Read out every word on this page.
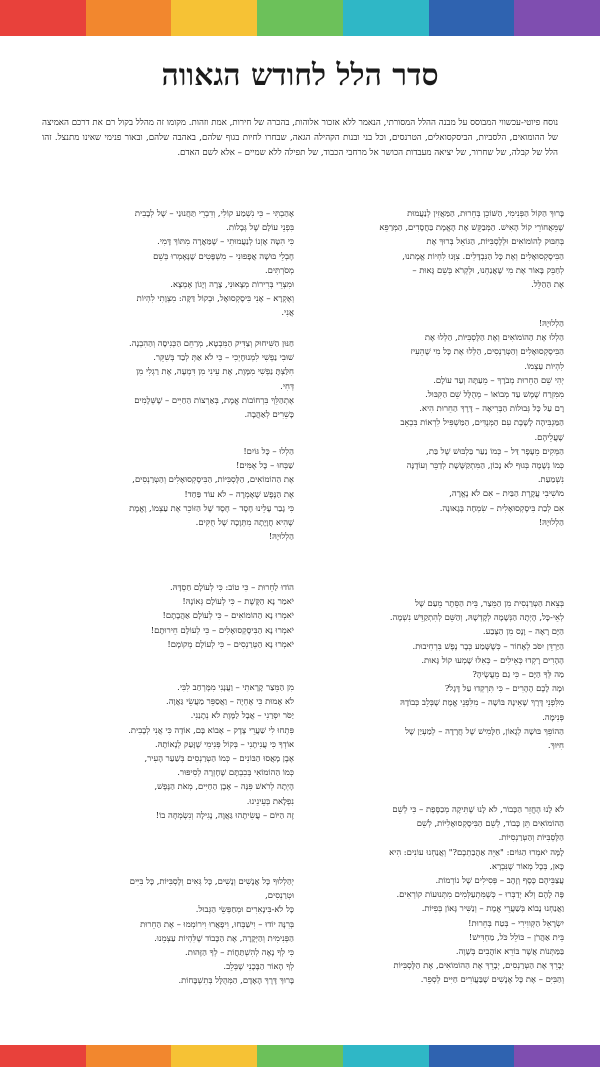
סדר הלל לחודש הגאווה

נוסח פיוטי-עכשווי המבוסס על מבנה ההלל המסורתי, הנאמר ללא אזכור אלוהות, בהכרה של חירות, אמת וזהות. מקומו זה מהלל בקול רם את דרכם האמיצה של ההומואים, הלסביות, הביסקסואלים, הטרנסים, וכל בני ובנות הקהילה הגאה, שבחרו לחיות בגוף שלהם, באהבה שלהם, ובאור פנימי שאינו מתנצל. זהו הלל של קבלה, של שחרור, של יציאה מעבדות הכושר אל מרחבי הכבוד, של תפילה ללא שמיים – אלא לשם האדם.

בָּרוּךְ הַקּוֹל הַפְּנִימִי, הַשּׁוֹכֵן בְּחֵרוּת, הַמַּאֲזִין לְנַעֲמוּת
שֶׁמֵּאֲחוֹרֵי קוֹל הָאִישׁ. הַמְּבַקֵּשׁ אֶת הָאֱמֶת בַּחֲסָדִים, הַמְּרַפֵּא
בְּחִבּוּק לְהוֹמוֹאִים וּלְלֶסְבִּיּוֹת, הַגּוֹאֵל בְּרוּךְ אֶת
הַבִּיסֶקְסוּאָלִים וְאֶת כָּל הַנִּבְדָּלִים. צִוָּנוּ לִחְיוֹת אֱמֶתנוּ,
לְחַבֵּק בָּאוֹר אֶת מִי שֶׁאֲנַחְנוּ, וּלְקְרֹא בְּשֵׁם גָּאוּת –
אֶת הַהַלֵּל.
הַלְלוּיָהּ!
הַלְלוּ אֶת הַהוֹמוֹאִים וְאֶת הַלֶּסְבִּיּוֹת, הַלְלוּ אֶת
הַבִּיסֶקְסוּאָלִים וְהַטְּרַנְסִים, הַלְלוּ אֶת כָּל מִי שֶׁהֵעִיז
לִהְיוֹת עַצְמוֹ.
יְהִי שֵׁם הַחֵרוּת מְבֹרָךְ – מֵעַתָּה וְעַד עוֹלָם.
מִמִּזְרַח שֶׁמֶשׁ עַד מְבוֹאוֹ – מְהֻלָּל שֵׁם הַקִּבּוּל.
רָם עַל כָּל גְּבוּלוֹת הַבְּרִיאָה – דֶּרֶךְ הַחֵרוּת הִיא.
הַמַּגְבִּיהָה לָשֶׁבֶת עִם הַמְּנֻדִּים, הַמַּשְׁפִּיל לִרְאוֹת בִּכְאֵב
שֶׁעֲלֵיהֶם.
הַמְּקִים מֵעָפָר דַּל – כְּמוֹ נַעַר בַּלְבּוּשׁ שֶׁל בַּת,
כְּמוֹ נְשָׁמָה בְּגוּף לֹא נָכוֹן, הַמִּתְקַשֶּׁשֶׁת לְדַבֵּר וְעוֹדֶנָּה
נִשְׁמַעַת.
מוֹשִׁיבִי עֲקֶרֶת הַבַּיִת – אִם לֹא נֶאֱרָה,
אִם לְבַת בִּיסֶקְסוּאָלִית – שִׂמְחָה בְּגָאוּנָה.
הַלְלוּיָהּ!
בְּצֵאת הַטְּרַנְסִית מִן הַמֵּצַר, בֵּית הַסֵּתֶר מֵעַם שֶׁל
לְאֵי-כָּל, הָיְתָה הַנְּשָׁמָה לְקָדְשָׁהּ, וְהַשֵּׁם לְהִתְקַדֵּשׁ נִשְׁמָה.
הַיָּם רָאָה – וָנָס מִן הַצֶּבַע.
הַיַּרְדֵּן יִסֹּב לְאָחוֹר – כְּשֶׁשָּׁמַע כְּבָר נֶפֶשׁ בִּרְחִיבוּת.
הֶהָרִים רָקְדוּ כְּאֵילִים – כְּאִלּוּ שָׁמְעוּ קוֹל גָּאוּת.
מַה לְּךָ הַיָּם – כִּי גַם מֵעֲשֶׂיהָ?
וּמָה לָכֶם הֶהָרִים – כִּי תִּרְקְדוּ עַל דָּגָל?
מִלִּפְנֵי דֶּרֶךְ שֶׁאֵינָהּ בּוֹשָׁה – מִלִּפְנֵי אֱמֶת שֶׁבְּלֵב כְּבוֹדָהּ
פְּנִימָה.
הַהוֹפֵךְ בּוּשָׁה לְגָאוֹן, חַלָּמִישׁ שֶׁל חֲרָדָה – לְמַעְיַן שֶׁל
חִיּוּךְ.
לֹא לָנוּ הֶחֱזֵר הַכָּבוֹר, לֹא לָנוּ שֶׁתִּיקָה מְכַסֶּפֶת – כִּי לְשֵׁם
הַהוֹמוֹאִים תֵּן כָּבוֹד, לְשֵׁם הַבִּיסֶקְסוּאָלִיּוֹת, לְשֵׁם
הַלֶּסְבִּיּוֹת וְהַטְּרַנְסִיּוֹת.
לָמָּה יֹאמְרוּ הַגּוֹיִם: "אַיֵּה אַהֲבַתְכֶם?" וְאֲנַחְנוּ עוֹנִים: הִיא
כָּאן, בְּכָל מְאוֹר שֶׁנִּבְרָא.
עֲצַבֵּיהֶם כֶּסֶף וְזָהָב – פְּסִילִים שֶׁל נוֹרְמוֹת.
פֶּה לָהֶם וְלֹא יְדַבְּרוּ – כְּשֶׁמִּתְעַלְּמִים מִתְּנוּעוֹת קוֹרְאִים.
וַאֲנַחְנוּ נָבוֹא בְּשַׁעֲרֵי אֱמֶת – וְנַשִּׁיר גָּאוֹן בְּפִיּוֹת.
יִשְׂרָאֵל הַקְּווִירִי – בְּטַח בְּחֵרוּת!
בֵּית אַהֲרֹן – כּוֹלֵל כֹּל, מַחְדִּישׁ!
בַּמַּתְּנוֹת אֲשֶׁר בּוֹרֵא אוֹהֲבִים בְּשָׁוֶה.
יְבָרֵךְ אֶת הַטְּרַנְסִים, יְבָרֵךְ אֶת הַהוֹמוֹאִים, אֶת הַלֶּסְבִּיּוֹת
וְהַבִּיִּם – אֶת כָּל אֶנָשִׁים שֶׁבַּעֲוֹרִים חַיִּים לְסְפֵר.
אָהַבְתִּי – כִּי נִשְׁמַע קוֹלִי, וְדִבְרֵי תַּחֲנוּנַי – שֶׁל לְבָבִית
בִּפְנֵי עוֹלָם שֶׁל גְּבָלוֹת.
כִּי הִטָּה אָזְנוֹ לְנַעֲמוּתִי – שֶׁמַּאֲרָה מִתּוֹךְ דָּמִי.
חֶבְלֵי בּוּשָׁה אֲפָפוּנִי – מִשְׁפָּטִים שֶׁנֶּאֶמְרוּ בְּשֵׁם
מְסֹרְתִּים.
וּמִצְרֵי בְּרִירוֹת מְצָאוּנִי, צָרָה וְיָגוֹן אֶמְצָא.
וְאֶקְרָא – אָנִי בִּיסֶקְסוּאָל, וּבְקוֹל דַּקָּה: מִצְוָתִי לִהְיוֹת
אֲנִי.
חַנּוּן הַשִּׁיחוּק וְצַדִּיק הַמִּבְטָא, מְרַחֵם הַכְּנִיסָה וְהַהִבְנָה.
שׁוּבִי נַפְשִׁי לִמְנוּחָיְכִי – כִּי לֹא אַתְּ לְבַד בְּשִׁקֵּר.
חִלַּצְתָּ נַפְשִׁי מִמָּוֶת, אֶת עֵינִי מִן דִּמְעָה, אֶת רַגְלִי מִן
דְּחִי.
אֶתְהַלֵּךְ בִּרְחוֹבוֹת אֱמֶת, בְּאַרְצוֹת הַחַיִּים – שֶׁשְּׁלָמִים
כָּשֵׁרִים לְאַהֲבָה.
הַלְלוּ – כָּל גּוֹיִם!
שַׁבְּחוּ – כָּל אֻמִּים!
אֶת הַהוֹמוֹאִים, הַלֶּסְבִּיּוֹת, הַבִּיסֶקְסוּאָלִים וְהַטְּרַנְסִים,
אֶת הַנֶּפֶשׁ שֶׁאָמְרָה – לֹא עוֹד פַּחַד!
כִּי גָבַר עָלֵינוּ חֶסֶד – חֶסֶד שֶׁל הַזּוֹכֵר אֶת עַצְמוֹ, וֶאֱמֶת
שֶׁהִיא חֲוָיָתָה מִתְּוָכָה שֶׁל חֻקִּים.
הַלְלוּיָהּ!
הוֹדוּ לַחֵרוּת – כִּי טוֹב: כִּי לְעוֹלָם חַסְדָּהּ.
יֹאמַר נָא הַקֶּשֶׁת – כִּי לְעוֹלָם גְּאוֹנָהּ!
יֹאמְרוּ נָא הַהוֹמוֹאִים – כִּי לְעוֹלָם אַהֲבָתָם!
יֹאמְרוּ נָא הַבִּיסֶקְסוּאָלִים – כִּי לְעוֹלָם חֵירוּתָם!
יֹאמְרוּ נָא הַטְּרַנְסִים – כִּי לְעוֹלָם מְקוֹמָם!
מִן הַמֵּצַר קָרָאתִי – וַעֲנָנִי מִמֶּרְחַב לִבִּי.
לֹא אָמוּת כִּי אֶחְיֶה – וַאֲסַפֵּר מַעֲשֵׂי גַּאֲוָה.
יַסֹּר יִסְּרַנִי – אֲבָל לַמָּוֶת לֹא נְתָנַנִי.
פִּתְחוּ לִי שַׁעֲרֵי צֶדֶק – אָבוֹא בָּם, אוֹדֶה כִּי אֲנִי לְבָבִית.
אוֹדְךָ כִּי עֲנִיתָנִי – בְּקוֹל פְּנִימִי שֶׁזָּעַק לְנָאוֹתָהּ.
אֶבֶן מָאֲסוּ הַבּוֹנִים – כְּמוֹ הַטְּרַנְסִים בְּשַׁעַר הָעִיר,
כְּמוֹ הַהוֹמוֹאִי בְּכִבְתָּם שֶׁחָזְרָה לְסִיפּוּר.
הָיְתָה לְרֹאשׁ פִּנָּה – אֶבֶן הַחַיִּים, מְאֹת הַנֶּפֶשׁ,
נִפְלָאת בְּעֵינֵינוּ.
זֶה הַיּוֹם – עֲשִׂיתָהוּ גַּאֲוָה, נָגִילָה וְנִשְׂמְחָה בוֹ!
יְהַלְלוּךָ כָּל אֲנָשִׁים וְנָשִׁים, כָּל גְּאִים וְלֶסְבִּיּוֹת, כָּל בִּיִּים
וּטְרַנְסִים,
כָּל לֹא-בִּינָאִרִים וּמְחַפְּשֵׂי הַגְּבוּל.
בְּרִנָּה יוֹדוּ – וִישַׁבְּחוּ, וִיפָאֲרוּ וִירוֹמְמוּ – אֶת הַחֵרוּת
הַפְּנִימִית וְהַיְּקָרָה, אֶת הַכָּבוֹד שֶׁלִּהְיוֹת עַצְמֵנוּ.
כִּי לְךָ נָאֶה לְהִשְׁתַּחֲוֹת – לְךָ הַזֶּהוּת.
לְךָ הָאוֹר הַבֶּכֶנִי שֶׁבְּלֵב.
בָּרוּךְ דֶּרֶךְ הָאָדָם, הַמְּהֻלָּל בְּתִשְׁבָּחוֹת.
